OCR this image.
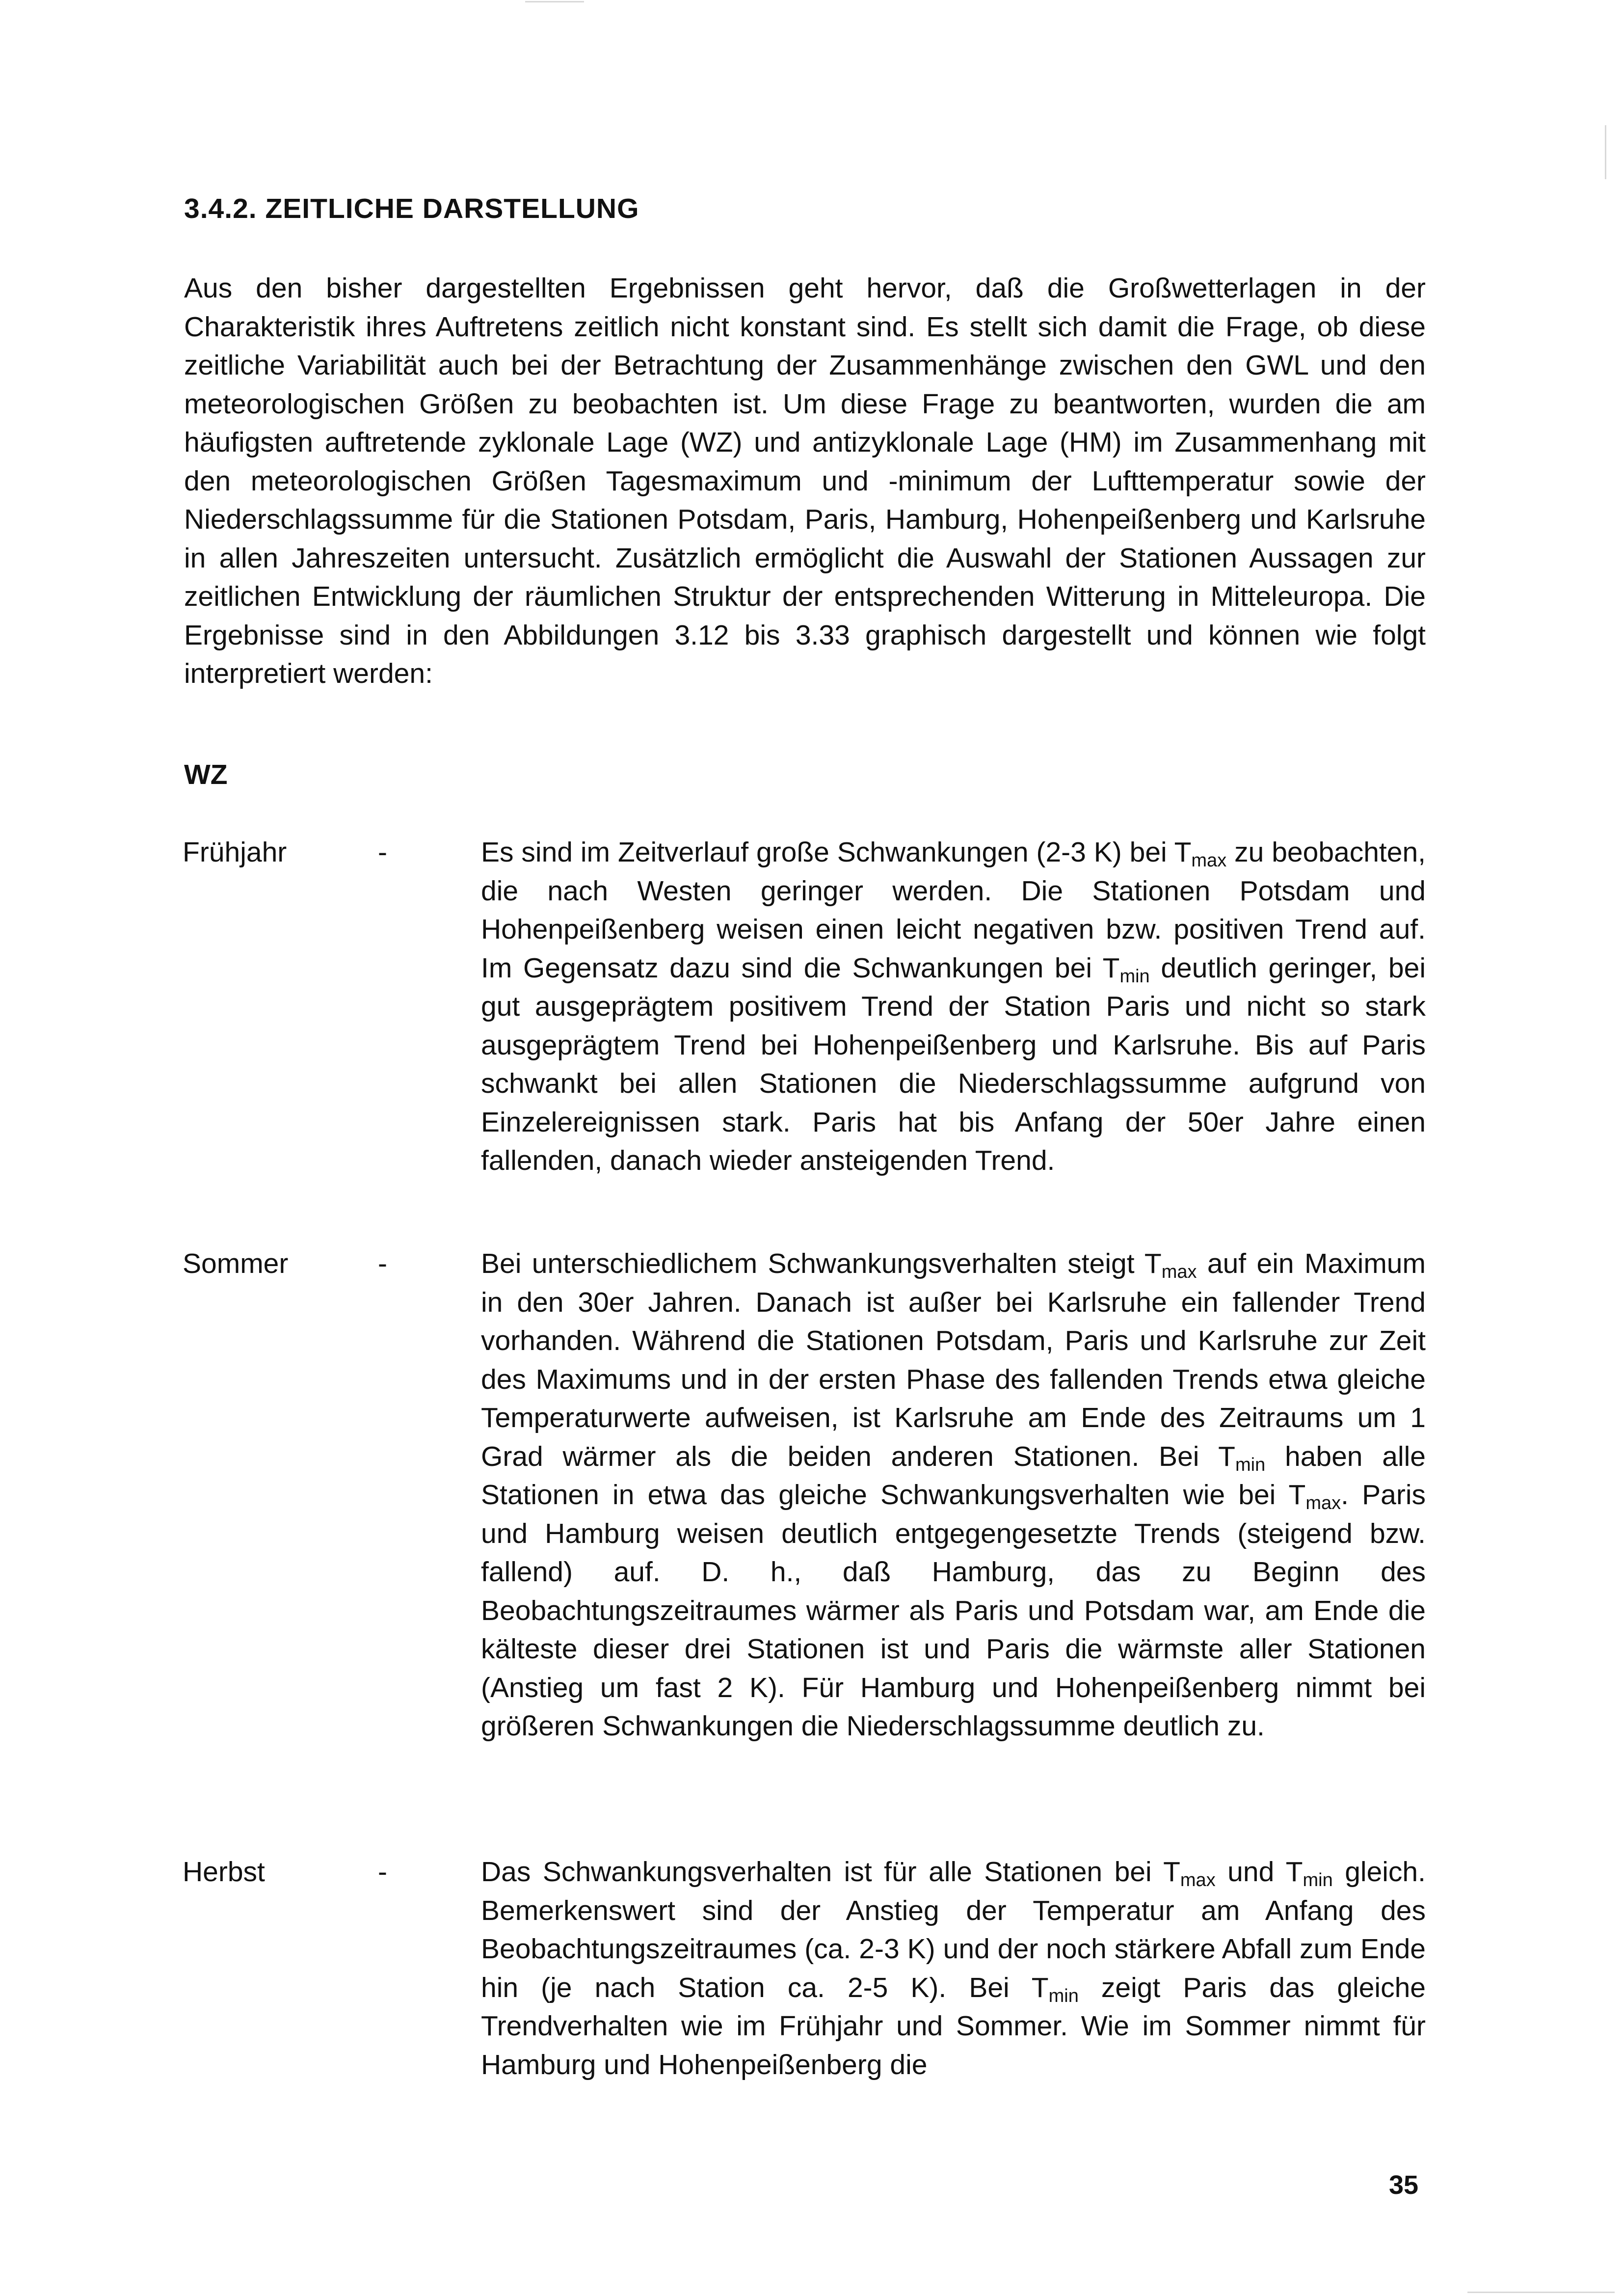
3.4.2. ZEITLICHE DARSTELLUNG

Aus den bisher dargestellten Ergebnissen geht hervor, daß die Großwetterlagen in der Charakteristik ihres Auftretens zeitlich nicht konstant sind. Es stellt sich damit die Frage, ob diese zeitliche Variabilität auch bei der Betrachtung der Zusammenhänge zwischen den GWL und den meteorologischen Größen zu beobachten ist. Um diese Frage zu beantworten, wurden die am häufigsten auftretende zyklonale Lage (WZ) und antizyklonale Lage (HM) im Zusammenhang mit den meteorologischen Größen Tagesmaximum und -minimum der Lufttemperatur sowie der Niederschlagssumme für die Stationen Potsdam, Paris, Hamburg, Hohenpeißenberg und Karlsruhe in allen Jahreszeiten untersucht. Zusätzlich ermöglicht die Auswahl der Stationen Aussagen zur zeitlichen Entwicklung der räumlichen Struktur der entsprechenden Witterung in Mitteleuropa. Die Ergebnisse sind in den Abbildungen 3.12 bis 3.33 graphisch dargestellt und können wie folgt interpretiert werden:

WZ

Frühjahr	-	Es sind im Zeitverlauf große Schwankungen (2-3 K) bei $T_{max}$ zu beobachten, die nach Westen geringer werden. Die Stationen Potsdam und Hohenpeißenberg weisen einen leicht negativen bzw. positiven Trend auf. Im Gegensatz dazu sind die Schwankungen bei $T_{min}$ deutlich geringer, bei gut ausgeprägtem positivem Trend der Station Paris und nicht so stark ausgeprägtem Trend bei Hohenpeißenberg und Karlsruhe. Bis auf Paris schwankt bei allen Stationen die Niederschlagssumme aufgrund von Einzelereignissen stark. Paris hat bis Anfang der 50er Jahre einen fallenden, danach wieder ansteigenden Trend.

Sommer	-	Bei unterschiedlichem Schwankungsverhalten steigt $T_{max}$ auf ein Maximum in den 30er Jahren. Danach ist außer bei Karlsruhe ein fallender Trend vorhanden. Während die Stationen Potsdam, Paris und Karlsruhe zur Zeit des Maximums und in der ersten Phase des fallenden Trends etwa gleiche Temperaturwerte aufweisen, ist Karlsruhe am Ende des Zeitraums um 1 Grad wärmer als die beiden anderen Stationen. Bei $T_{min}$ haben alle Stationen in etwa das gleiche Schwankungsverhalten wie bei $T_{max}$. Paris und Hamburg weisen deutlich entgegengesetzte Trends (steigend bzw. fallend) auf. D. h., daß Hamburg, das zu Beginn des Beobachtungszeitraumes wärmer als Paris und Potsdam war, am Ende die kälteste dieser drei Stationen ist und Paris die wärmste aller Stationen (Anstieg um fast 2 K). Für Hamburg und Hohenpeißenberg nimmt bei größeren Schwankungen die Niederschlagssumme deutlich zu.

Herbst	-	Das Schwankungsverhalten ist für alle Stationen bei $T_{max}$ und $T_{min}$ gleich. Bemerkenswert sind der Anstieg der Temperatur am Anfang des Beobachtungszeitraumes (ca. 2-3 K) und der noch stärkere Abfall zum Ende hin (je nach Station ca. 2-5 K). Bei $T_{min}$ zeigt Paris das gleiche Trendverhalten wie im Frühjahr und Sommer. Wie im Sommer nimmt für Hamburg und Hohenpeißenberg die

35
